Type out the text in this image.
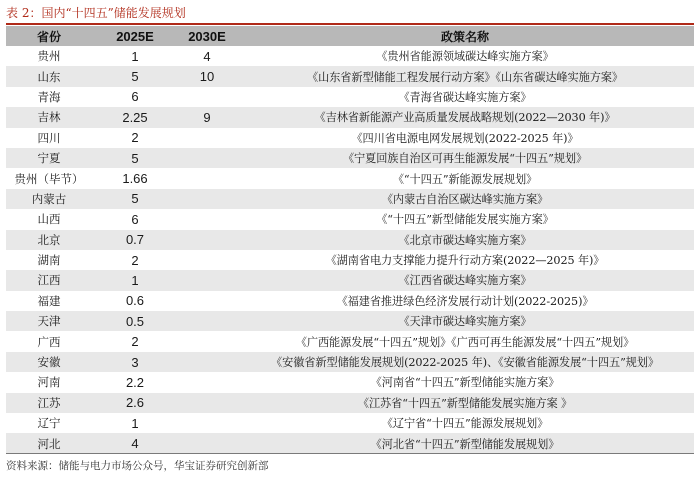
表 2：国内“十四五”储能发展规划
省份	2025E	2030E	政策名称
贵州	1	4	《贵州省能源领域碳达峰实施方案》
山东	5	10	《山东省新型储能工程发展行动方案》《山东省碳达峰实施方案》
青海	6		《青海省碳达峰实施方案》
吉林	2.25	9	《吉林省新能源产业高质量发展战略规划(2022—2030 年)》
四川	2		《四川省电源电网发展规划(2022-2025 年)》
宁夏	5		《宁夏回族自治区可再生能源发展“十四五”规划》
贵州（毕节）	1.66		《“十四五”新能源发展规划》
内蒙古	5		《内蒙古自治区碳达峰实施方案》
山西	6		《“十四五”新型储能发展实施方案》
北京	0.7		《北京市碳达峰实施方案》
湖南	2		《湖南省电力支撑能力提升行动方案(2022—2025 年)》
江西	1		《江西省碳达峰实施方案》
福建	0.6		《福建省推进绿色经济发展行动计划(2022-2025)》
天津	0.5		《天津市碳达峰实施方案》
广西	2		《广西能源发展“十四五”规划》《广西可再生能源发展“十四五”规划》
安徽	3		《安徽省新型储能发展规划(2022-2025 年)、《安徽省能源发展“十四五”规划》
河南	2.2		《河南省“十四五”新型储能实施方案》
江苏	2.6		《江苏省“十四五”新型储能发展实施方案 》
辽宁	1		《辽宁省“十四五”能源发展规划》
河北	4		《河北省“十四五”新型储能发展规划》
资料来源：储能与电力市场公众号，华宝证券研究创新部
